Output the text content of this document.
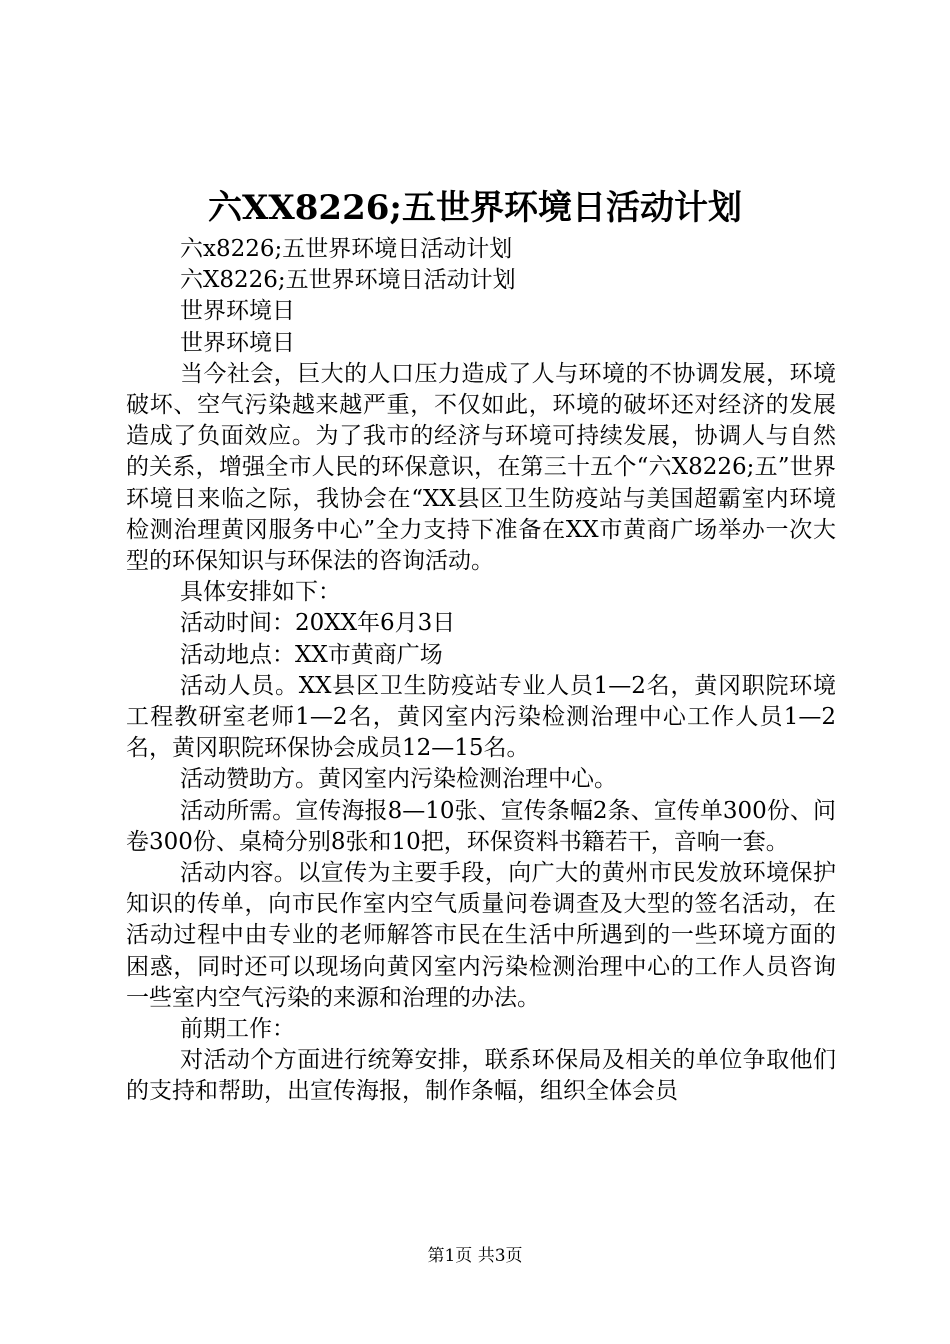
六XX8226;五世界环境日活动计划

六x8226;五世界环境日活动计划

六X8226;五世界环境日活动计划

世界环境日

世界环境日

当今社会，巨大的人口压力造成了人与环境的不协调发展，环境破坏、空气污染越来越严重，不仅如此，环境的破坏还对经济的发展造成了负面效应。为了我市的经济与环境可持续发展，协调人与自然的关系，增强全市人民的环保意识，在第三十五个“六X8226;五”世界环境日来临之际，我协会在“XX县区卫生防疫站与美国超霸室内环境检测治理黄冈服务中心”全力支持下准备在XX市黄商广场举办一次大型的环保知识与环保法的咨询活动。

具体安排如下：

活动时间：20XX年6月3日

活动地点：XX市黄商广场

活动人员。XX县区卫生防疫站专业人员1—2名，黄冈职院环境工程教研室老师1—2名，黄冈室内污染检测治理中心工作人员1—2名，黄冈职院环保协会成员12—15名。

活动赞助方。黄冈室内污染检测治理中心。

活动所需。宣传海报8—10张、宣传条幅2条、宣传单300份、问卷300份、桌椅分别8张和10把，环保资料书籍若干，音响一套。

活动内容。以宣传为主要手段，向广大的黄州市民发放环境保护知识的传单，向市民作室内空气质量问卷调查及大型的签名活动，在活动过程中由专业的老师解答市民在生活中所遇到的一些环境方面的困惑，同时还可以现场向黄冈室内污染检测治理中心的工作人员咨询一些室内空气污染的来源和治理的办法。

前期工作：

对活动个方面进行统筹安排，联系环保局及相关的单位争取他们的支持和帮助，出宣传海报，制作条幅，组织全体会员

第1页 共3页
